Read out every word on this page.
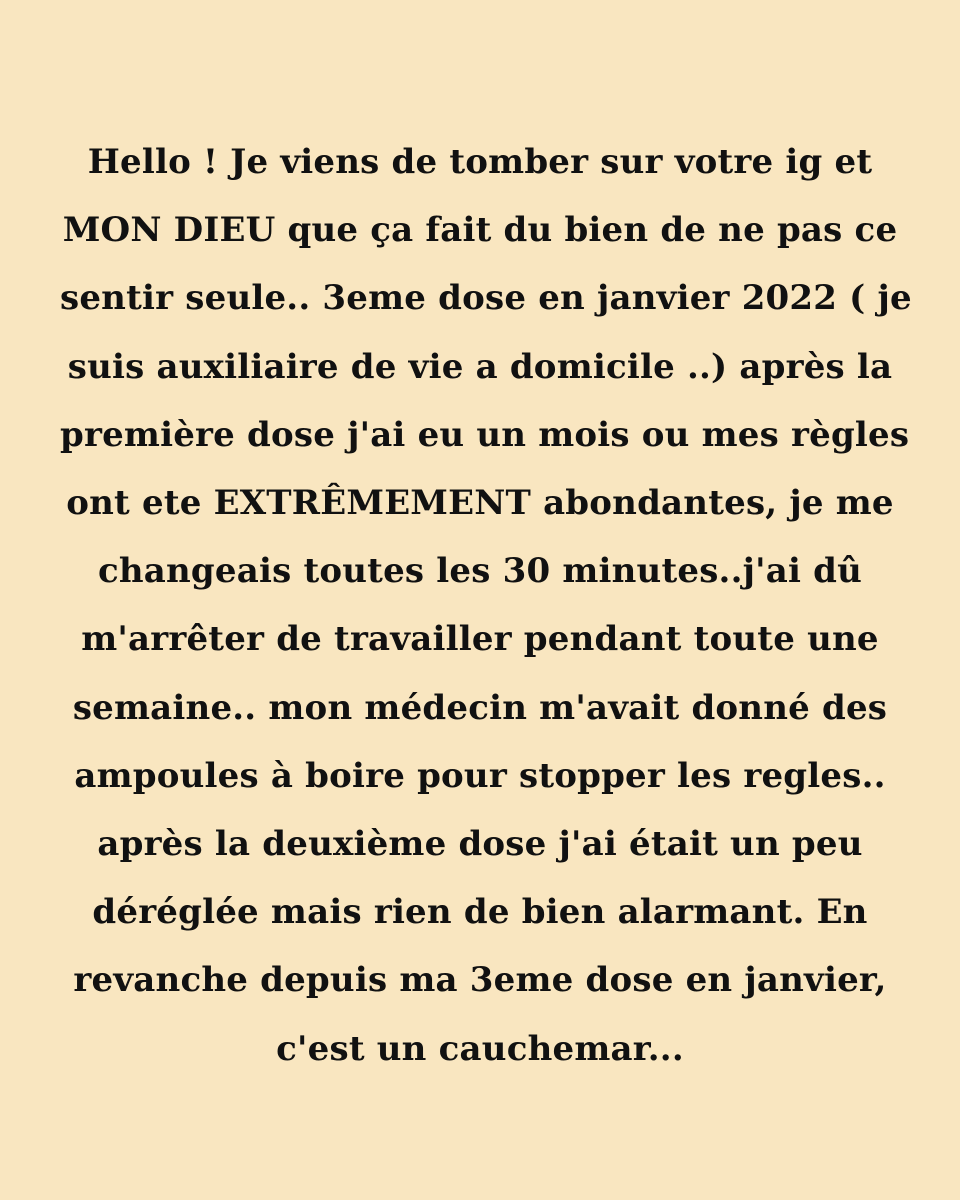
Hello ! Je viens de tomber sur votre ig et
MON DIEU que ça fait du bien de ne pas ce
sentir seule.. 3eme dose en janvier 2022 ( je
suis auxiliaire de vie a domicile ..) après la
première dose j'ai eu un mois ou mes règles
ont ete EXTRÊMEMENT abondantes, je me
changeais toutes les 30 minutes..j'ai dû
m'arrêter de travailler pendant toute une
semaine.. mon médecin m'avait donné des
ampoules à boire pour stopper les regles..
après la deuxième dose j'ai était un peu
déréglée mais rien de bien alarmant. En
revanche depuis ma 3eme dose en janvier,
c'est un cauchemar...
